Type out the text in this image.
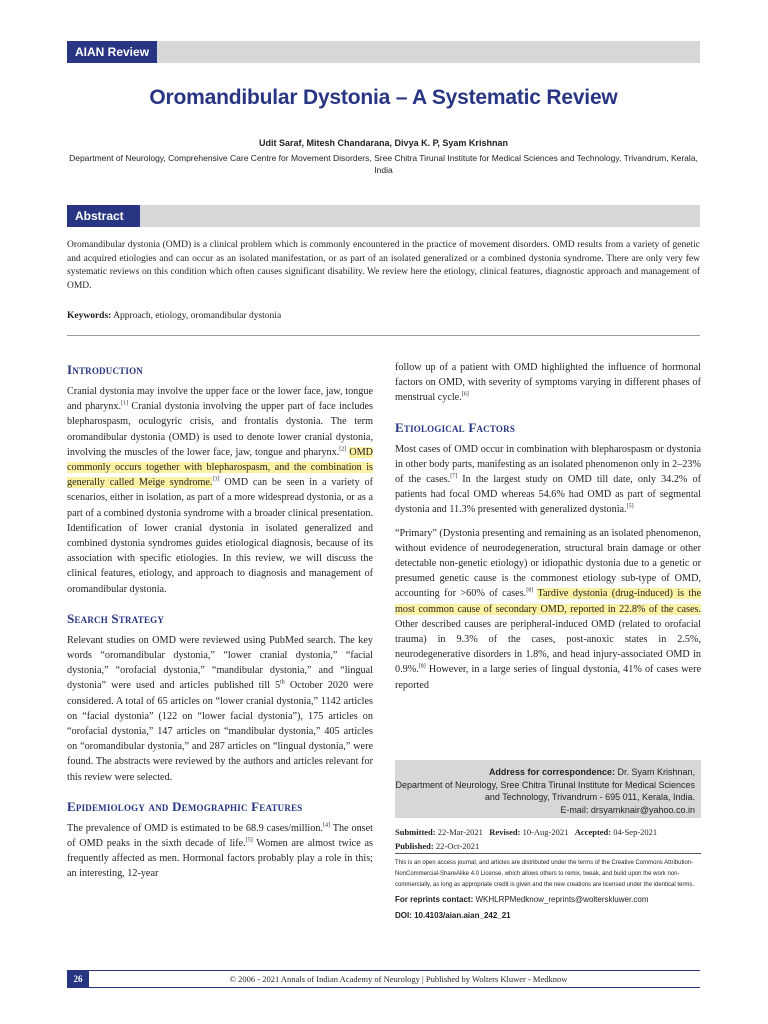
AIAN Review
Oromandibular Dystonia – A Systematic Review
Udit Saraf, Mitesh Chandarana, Divya K. P, Syam Krishnan
Department of Neurology, Comprehensive Care Centre for Movement Disorders, Sree Chitra Tirunal Institute for Medical Sciences and Technology, Trivandrum, Kerala, India
Abstract
Oromandibular dystonia (OMD) is a clinical problem which is commonly encountered in the practice of movement disorders. OMD results from a variety of genetic and acquired etiologies and can occur as an isolated manifestation, or as part of an isolated generalized or a combined dystonia syndrome. There are only very few systematic reviews on this condition which often causes significant disability. We review here the etiology, clinical features, diagnostic approach and management of OMD.
Keywords: Approach, etiology, oromandibular dystonia
Introduction

Cranial dystonia may involve the upper face or the lower face, jaw, tongue and pharynx.[1] Cranial dystonia involving the upper part of face includes blepharospasm, oculogyric crisis, and frontalis dystonia. The term oromandibular dystonia (OMD) is used to denote lower cranial dystonia, involving the muscles of the lower face, jaw, tongue and pharynx.[2] OMD commonly occurs together with blepharospasm, and the combination is generally called Meige syndrome.[3] OMD can be seen in a variety of scenarios, either in isolation, as part of a more widespread dystonia, or as a part of a combined dystonia syndrome with a broader clinical presentation. Identification of lower cranial dystonia in isolated generalized and combined dystonia syndromes guides etiological diagnosis, because of its association with specific etiologies. In this review, we will discuss the clinical features, etiology, and approach to diagnosis and management of oromandibular dystonia.

Search Strategy

Relevant studies on OMD were reviewed using PubMed search. The key words “oromandibular dystonia,” “lower cranial dystonia,” “facial dystonia,” “orofacial dystonia,” “mandibular dystonia,” and “lingual dystonia” were used and articles published till 5th October 2020 were considered. A total of 65 articles on “lower cranial dystonia,” 1142 articles on “facial dystonia” (122 on “lower facial dystonia”), 175 articles on “orofacial dystonia,” 147 articles on “mandibular dystonia,” 405 articles on “oromandibular dystonia,” and 287 articles on “lingual dystonia,” were found. The abstracts were reviewed by the authors and articles relevant for this review were selected.

Epidemiology and Demographic Features

The prevalence of OMD is estimated to be 68.9 cases/million.[4] The onset of OMD peaks in the sixth decade of life.[5] Women are almost twice as frequently affected as men. Hormonal factors probably play a role in this; an interesting, 12-year

follow up of a patient with OMD highlighted the influence of hormonal factors on OMD, with severity of symptoms varying in different phases of menstrual cycle.[6]

Etiological Factors

Most cases of OMD occur in combination with blepharospasm or dystonia in other body parts, manifesting as an isolated phenomenon only in 2–23% of the cases.[7] In the largest study on OMD till date, only 34.2% of patients had focal OMD whereas 54.6% had OMD as part of segmental dystonia and 11.3% presented with generalized dystonia.[5]

“Primary” (Dystonia presenting and remaining as an isolated phenomenon, without evidence of neurodegeneration, structural brain damage or other detectable non-genetic etiology) or idiopathic dystonia due to a genetic or presumed genetic cause is the commonest etiology sub-type of OMD, accounting for >60% of cases.[8] Tardive dystonia (drug-induced) is the most common cause of secondary OMD, reported in 22.8% of the cases. Other described causes are peripheral-induced OMD (related to orofacial trauma) in 9.3% of the cases, post-anoxic states in 2.5%, neurodegenerative disorders in 1.8%, and head injury-associated OMD in 0.9%.[8] However, in a large series of lingual dystonia, 41% of cases were reported

Address for correspondence: Dr. Syam Krishnan,
Department of Neurology, Sree Chitra Tirunal Institute for Medical Sciences
and Technology, Trivandrum - 695 011, Kerala, India.
E-mail: drsyamknair@yahoo.co.in
Submitted: 22-Mar-2021 Revised: 10-Aug-2021 Accepted: 04-Sep-2021
Published: 22-Oct-2021
This is an open access journal, and articles are distributed under the terms of the Creative Commons Attribution-NonCommercial-ShareAlike 4.0 License, which allows others to remix, tweak, and build upon the work non-commercially, as long as appropriate credit is given and the new creations are licensed under the identical terms.
For reprints contact: WKHLRPMedknow_reprints@wolterskluwer.com
DOI: 10.4103/aian.aian_242_21
26	© 2006 - 2021 Annals of Indian Academy of Neurology | Published by Wolters Kluwer - Medknow
